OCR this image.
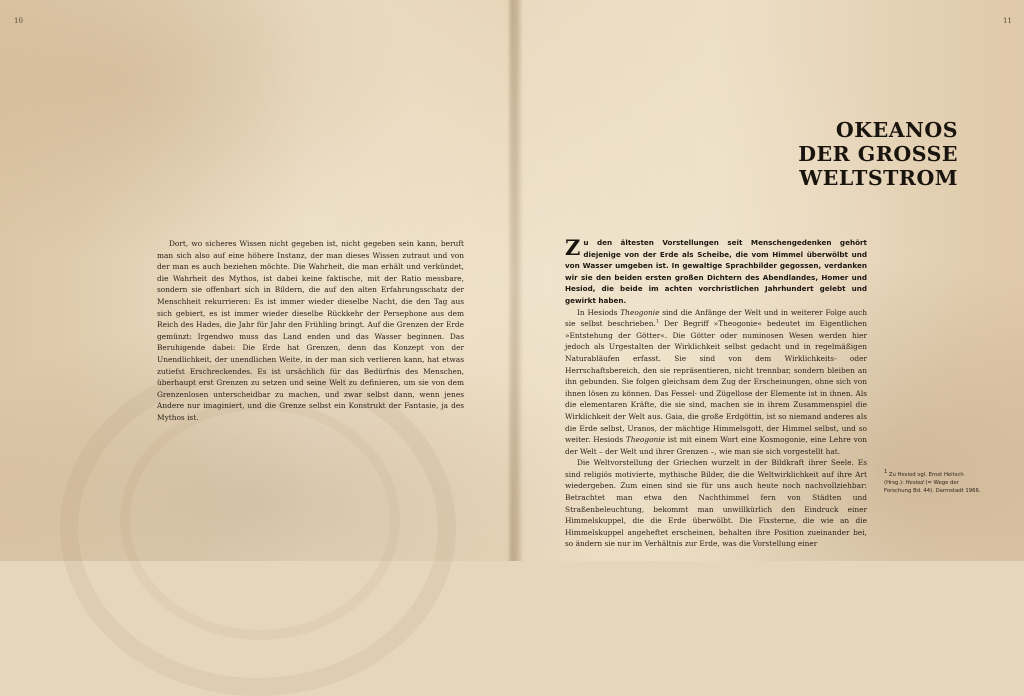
10	11
OKEANOS
DER GROSSE
WELTSTROM

Dort, wo sicheres Wissen nicht gegeben ist, nicht gegeben sein kann, beruft man sich also auf eine höhere Instanz, der man dieses Wissen zutraut und von der man es auch beziehen möchte. Die Wahrheit, die man erhält und verkündet, die Wahrheit des Mythos, ist dabei keine faktische, mit der Ratio messbare, sondern sie offenbart sich in Bildern, die auf den alten Erfahrungsschatz der Menschheit rekurrieren: Es ist immer wieder dieselbe Nacht, die den Tag aus sich gebiert, es ist immer wieder dieselbe Rückkehr der Persephone aus dem Reich des Hades, die Jahr für Jahr den Frühling bringt. Auf die Grenzen der Erde gemünzt: Irgendwo muss das Land enden und das Wasser beginnen. Das Beruhigende dabei: Die Erde hat Grenzen, denn das Konzept von der Unendlichkeit, der unendlichen Weite, in der man sich verlieren kann, hat etwas zutiefst Erschreckendes. Es ist ursächlich für das Bedürfnis des Menschen, überhaupt erst Grenzen zu setzen und seine Welt zu definieren, um sie von dem Grenzenlosen unterscheidbar zu machen, und zwar selbst dann, wenn jenes Andere nur imaginiert, und die Grenze selbst ein Konstrukt der Fantasie, ja des Mythos ist.

Zu den ältesten Vorstellungen seit Menschengedenken gehört diejenige von der Erde als Scheibe, die vom Himmel überwölbt und von Wasser umgeben ist. In gewaltige Sprachbilder gegossen, verdanken wir sie den beiden ersten großen Dichtern des Abendlandes, Homer und Hesiod, die beide im achten vorchristlichen Jahrhundert gelebt und gewirkt haben.

In Hesiods Theogonie sind die Anfänge der Welt und in weiterer Folge auch sie selbst beschrieben.$^1$ Der Begriff »Theogonie« bedeutet im Eigentlichen »Entstehung der Götter«. Die Götter oder numinosen Wesen werden hier jedoch als Urgestalten der Wirklichkeit selbst gedacht und in regelmäßigen Naturabläufen erfasst. Sie sind von dem Wirklichkeits- oder Herrschaftsbereich, den sie repräsentieren, nicht trennbar, sondern bleiben an ihn gebunden. Sie folgen gleichsam dem Zug der Erscheinungen, ohne sich von ihnen lösen zu können. Das Fessel- und Zügellose der Elemente ist in ihnen. Als die elementaren Kräfte, die sie sind, machen sie in ihrem Zusammenspiel die Wirklichkeit der Welt aus. Gaia, die große Erdgöttin, ist so niemand anderes als die Erde selbst, Uranos, der mächtige Himmelsgott, der Himmel selbst, und so weiter. Hesiods Theogonie ist mit einem Wort eine Kosmogonie, eine Lehre von der Welt – der Welt und ihrer Grenzen –, wie man sie sich vorgestellt hat.

Die Weltvorstellung der Griechen wurzelt in der Bildkraft ihrer Seele. Es sind religiös motivierte, mythische Bilder, die die Weltwirklichkeit auf ihre Art wiedergeben. Zum einen sind sie für uns auch heute noch nachvollziehbar: Betrachtet man etwa den Nachthimmel fern von Städten und Straßenbeleuchtung, bekommt man unwillkürlich den Eindruck einer Himmelskuppel, die die Erde überwölbt. Die Fixsterne, die wie an die Himmelskuppel angeheftet erscheinen, behalten ihre Position zueinander bei, so ändern sie nur im Verhältnis zur Erde, was die Vorstellung einer

$^1$ Zu Hesiod vgl. Ernst Heitsch (Hrsg.): Hesiod (= Wege der Forschung Bd. 44). Darmstadt 1966.
